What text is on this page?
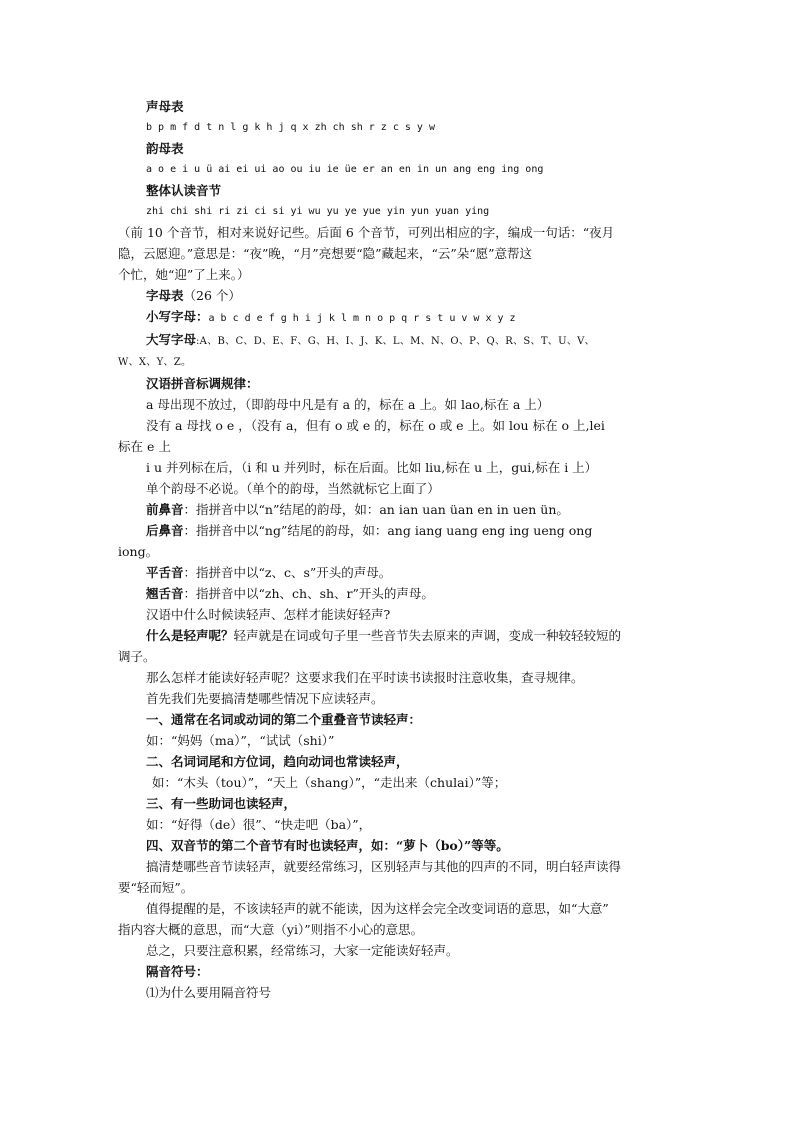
声母表
b p m f d t n l g k h j q x zh ch sh r z c s y w
韵母表
a o e i u ü ai ei ui ao ou iu ie üe er an en in un ang eng ing ong
整体认读音节
zhi chi shi ri zi ci si yi wu yu ye yue yin yun yuan ying
（前 10 个音节，相对来说好记些。后面 6 个音节，可列出相应的字，编成一句话：“夜月
隐，云愿迎。”意思是：“夜”晚，“月”亮想要“隐”藏起来，“云”朵“愿”意帮这
个忙，她“迎”了上来。）
字母表（26 个）
小写字母：a b c d e f g h i j k l m n o p q r s t u v w x y z
大写字母:A、B、C、D、E、F、G、H、I、J、K、L、M、N、O、P、Q、R、S、T、U、V、
W、X、Y、Z。
汉语拼音标调规律：
a 母出现不放过，（即韵母中凡是有 a 的，标在 a 上。如 lao,标在 a 上）
没有 a 母找 o e ，（没有 a，但有 o 或 e 的，标在 o 或 e 上。如 lou 标在 o 上,lei
标在 e 上
i u 并列标在后，（i 和 u 并列时，标在后面。比如 liu,标在 u 上，gui,标在 i 上）
单个韵母不必说。（单个的韵母，当然就标它上面了）
前鼻音：指拼音中以“n”结尾的韵母，如：an ian uan üan en in uen ün。
后鼻音：指拼音中以“ng”结尾的韵母，如：ang iang uang eng ing ueng ong
iong。
平舌音：指拼音中以“z、c、s”开头的声母。
翘舌音：指拼音中以“zh、ch、sh、r”开头的声母。
汉语中什么时候读轻声、怎样才能读好轻声?
什么是轻声呢？轻声就是在词或句子里一些音节失去原来的声调，变成一种较轻较短的
调子。
那么怎样才能读好轻声呢？这要求我们在平时读书读报时注意收集，查寻规律。
首先我们先要搞清楚哪些情况下应读轻声。
一、通常在名词或动词的第二个重叠音节读轻声：
如：“妈妈（ma）”，“试试（shi）”
二、名词词尾和方位词，趋向动词也常读轻声，
如：“木头（tou）”，“天上（shang）”，“走出来（chulai）”等；
三、有一些助词也读轻声，
如：“好得（de）很”、“快走吧（ba）”，
四、双音节的第二个音节有时也读轻声，如：“萝卜（bo）”等等。
搞清楚哪些音节读轻声，就要经常练习，区别轻声与其他的四声的不同，明白轻声读得
要“轻而短”。
值得提醒的是，不该读轻声的就不能读，因为这样会完全改变词语的意思，如“大意”
指内容大概的意思，而“大意（yi）”则指不小心的意思。
总之，只要注意积累，经常练习，大家一定能读好轻声。
隔音符号：
⑴为什么要用隔音符号
